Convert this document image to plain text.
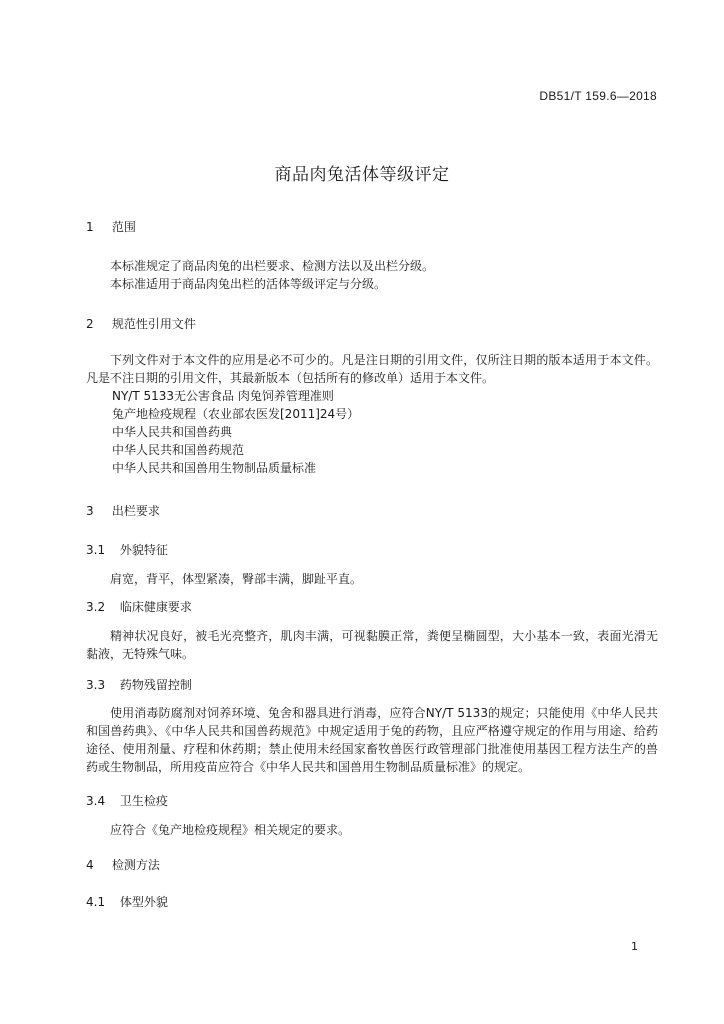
DB51/T 159.6—2018
商品肉兔活体等级评定
1 范围
本标准规定了商品肉兔的出栏要求、检测方法以及出栏分级。
本标准适用于商品肉兔出栏的活体等级评定与分级。
2 规范性引用文件
下列文件对于本文件的应用是必不可少的。凡是注日期的引用文件，仅所注日期的版本适用于本文件。凡是不注日期的引用文件，其最新版本（包括所有的修改单）适用于本文件。
NY/T 5133无公害食品 肉兔饲养管理准则
兔产地检疫规程（农业部农医发[2011]24号）
中华人民共和国兽药典
中华人民共和国兽药规范
中华人民共和国兽用生物制品质量标准
3 出栏要求
3.1 外貌特征
肩宽，背平，体型紧凑，臀部丰满，脚趾平直。
3.2 临床健康要求
精神状况良好，被毛光亮整齐，肌肉丰满，可视黏膜正常，粪便呈椭圆型，大小基本一致，表面光滑无黏液，无特殊气味。
3.3 药物残留控制
使用消毒防腐剂对饲养环境、兔舍和器具进行消毒，应符合NY/T 5133的规定；只能使用《中华人民共和国兽药典》、《中华人民共和国兽药规范》中规定适用于兔的药物，且应严格遵守规定的作用与用途、给药途径、使用剂量、疗程和休药期；禁止使用未经国家畜牧兽医行政管理部门批准使用基因工程方法生产的兽药或生物制品，所用疫苗应符合《中华人民共和国兽用生物制品质量标准》的规定。
3.4 卫生检疫
应符合《兔产地检疫规程》相关规定的要求。
4 检测方法
4.1 体型外貌
1
